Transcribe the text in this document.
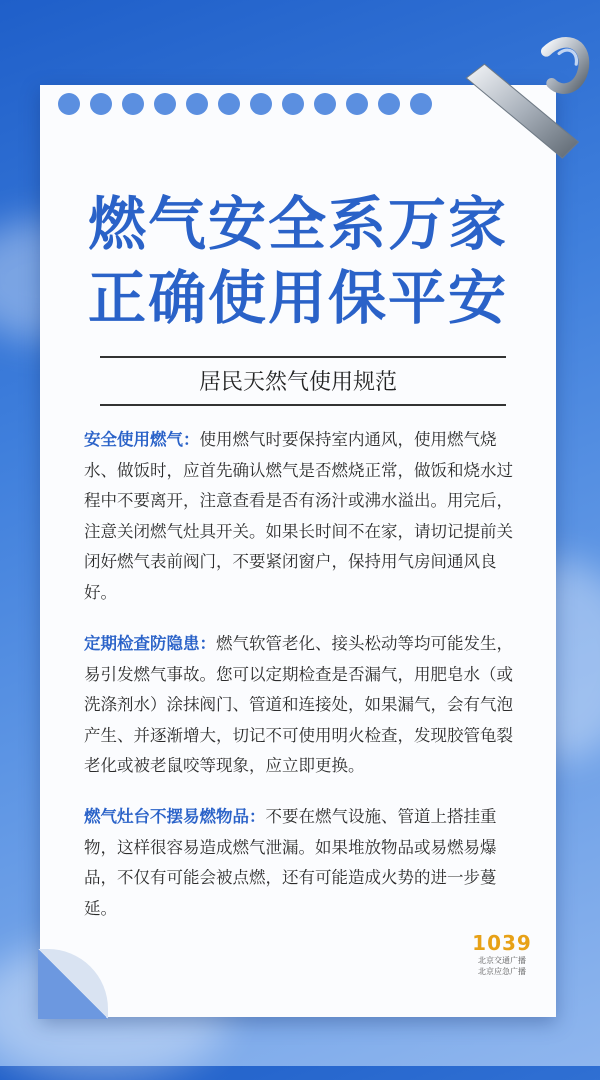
燃气安全系万家
正确使用保平安
居民天然气使用规范
安全使用燃气：使用燃气时要保持室内通风，使用燃气烧水、做饭时，应首先确认燃气是否燃烧正常，做饭和烧水过程中不要离开，注意查看是否有汤汁或沸水溢出。用完后，注意关闭燃气灶具开关。如果长时间不在家，请切记提前关闭好燃气表前阀门，不要紧闭窗户，保持用气房间通风良好。
定期检查防隐患：燃气软管老化、接头松动等均可能发生，易引发燃气事故。您可以定期检查是否漏气，用肥皂水（或洗涤剂水）涂抹阀门、管道和连接处，如果漏气，会有气泡产生、并逐渐增大，切记不可使用明火检查，发现胶管龟裂老化或被老鼠咬等现象，应立即更换。
燃气灶台不摆易燃物品：不要在燃气设施、管道上搭挂重物，这样很容易造成燃气泄漏。如果堆放物品或易燃易爆品，不仅有可能会被点燃，还有可能造成火势的进一步蔓延。
1039
北京交通广播
北京应急广播
